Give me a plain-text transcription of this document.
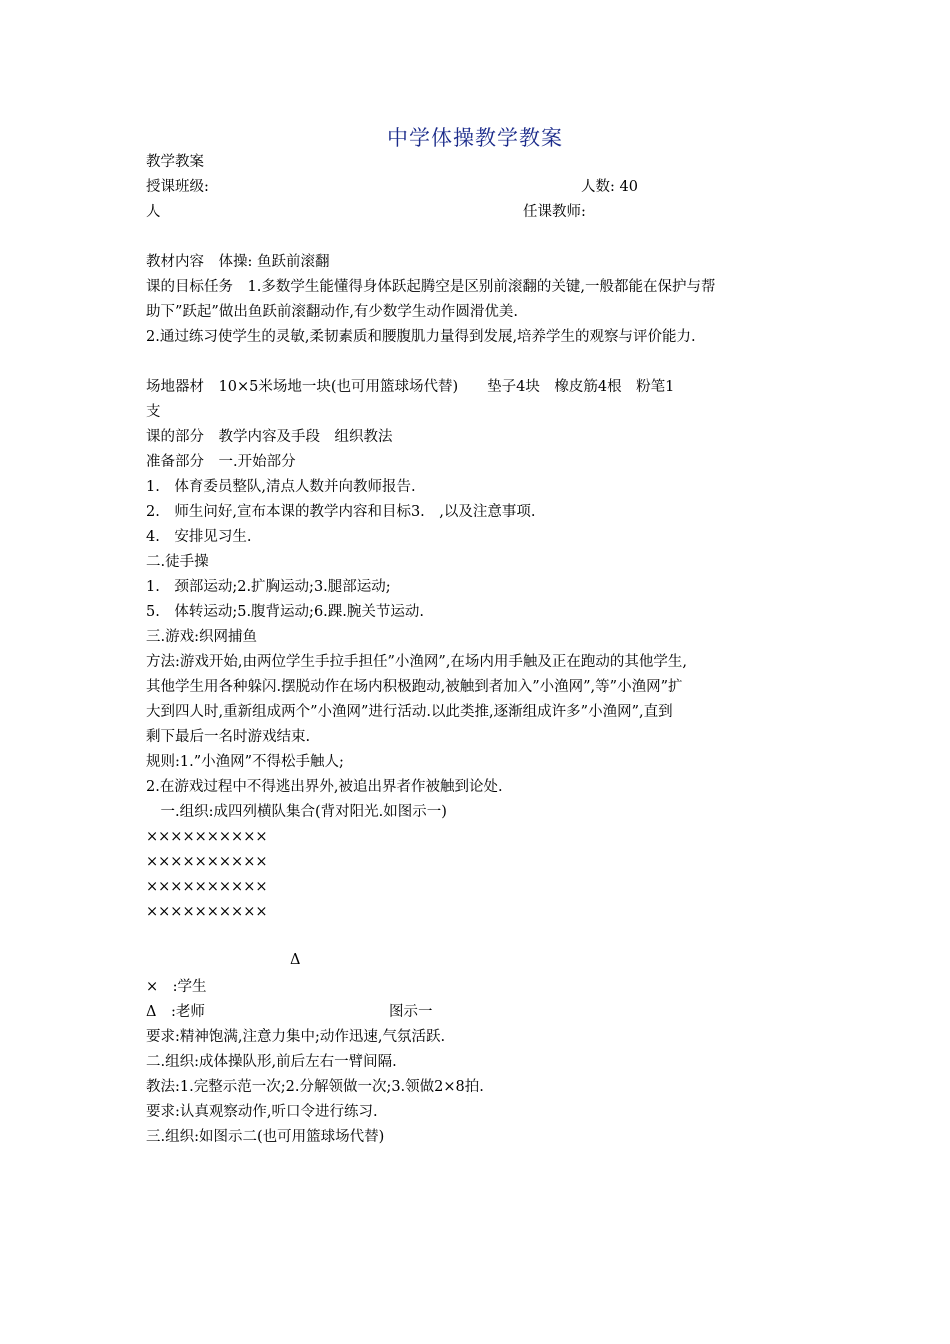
中学体操教学教案
教学教案
授课班级:	人数: 40
人	任课教师:
教材内容　体操: 鱼跃前滚翻
课的目标任务　1.多数学生能懂得身体跃起腾空是区别前滚翻的关键,一般都能在保护与帮
助下”跃起”做出鱼跃前滚翻动作,有少数学生动作圆滑优美.
2.通过练习使学生的灵敏,柔韧素质和腰腹肌力量得到发展,培养学生的观察与评价能力.
场地器材　10×5米场地一块(也可用篮球场代替)　　垫子4块　橡皮筋4根　粉笔1
支
课的部分　教学内容及手段　组织教法
准备部分　一.开始部分
1.　体育委员整队,清点人数并向教师报告.
2.　师生问好,宣布本课的教学内容和目标3.　,以及注意事项.
4.　安排见习生.
二.徒手操
1.　颈部运动;2.扩胸运动;3.腿部运动;
5.　体转运动;5.腹背运动;6.踝.腕关节运动.
三.游戏:织网捕鱼
方法:游戏开始,由两位学生手拉手担任”小渔网”,在场内用手触及正在跑动的其他学生,
其他学生用各种躲闪.摆脱动作在场内积极跑动,被触到者加入”小渔网”,等”小渔网”扩
大到四人时,重新组成两个”小渔网”进行活动.以此类推,逐渐组成许多”小渔网”,直到
剩下最后一名时游戏结束.
规则:1.”小渔网”不得松手触人;
2.在游戏过程中不得逃出界外,被追出界者作被触到论处.
　一.组织:成四列横队集合(背对阳光.如图示一)
××××××××××
××××××××××
××××××××××
××××××××××
Δ
×　:学生
Δ　:老师	图示一
要求:精神饱满,注意力集中;动作迅速,气氛活跃.
二.组织:成体操队形,前后左右一臂间隔.
教法:1.完整示范一次;2.分解领做一次;3.领做2×8拍.
要求:认真观察动作,听口令进行练习.
三.组织:如图示二(也可用篮球场代替)
